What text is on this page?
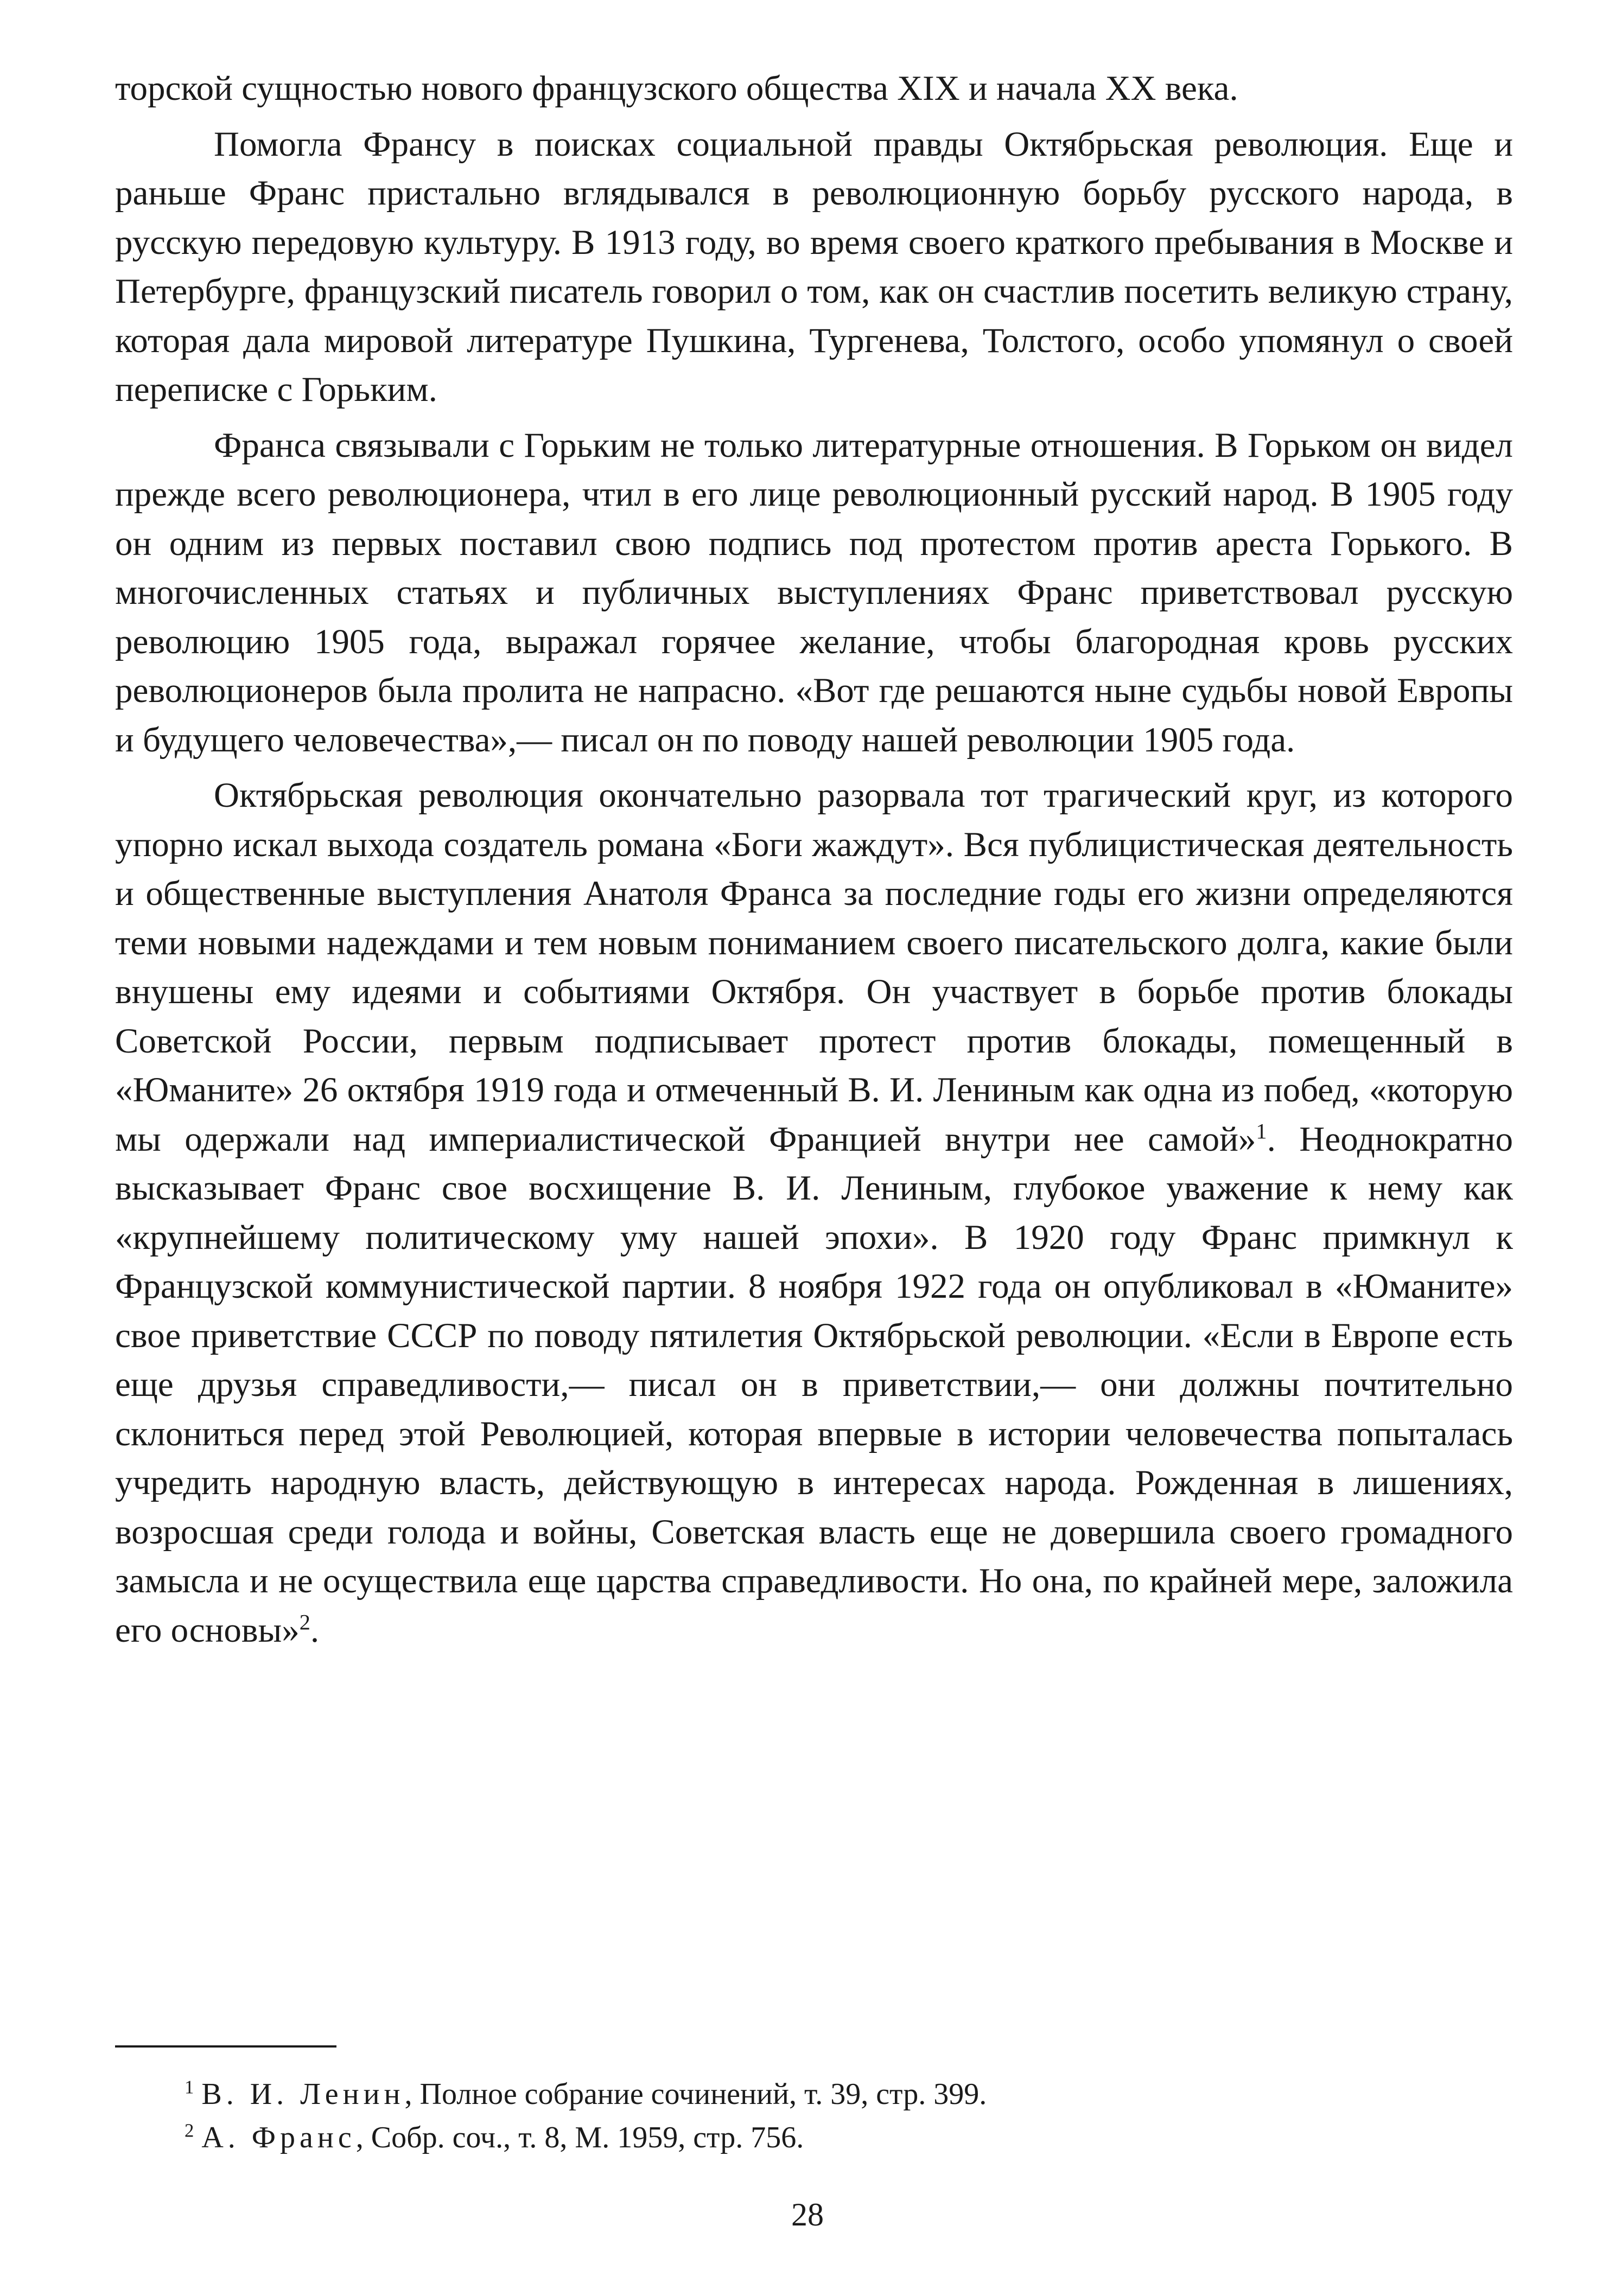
торской сущностью нового французского общества XIX и начала XX века.

Помогла Франсу в поисках социальной правды Октябрьская революция. Еще и раньше Франс пристально вглядывался в революционную борьбу русского народа, в русскую передовую культуру. В 1913 году, во время своего краткого пребывания в Москве и Петербурге, французский писатель говорил о том, как он счастлив посетить великую страну, которая дала мировой литературе Пушкина, Тургенева, Толстого, особо упомянул о своей переписке с Горьким.

Франса связывали с Горьким не только литературные отношения. В Горьком он видел прежде всего революционера, чтил в его лице революционный русский народ. В 1905 году он одним из первых поставил свою подпись под протестом против ареста Горького. В многочисленных статьях и публичных выступлениях Франс приветствовал русскую революцию 1905 года, выражал горячее желание, чтобы благородная кровь русских революционеров была пролита не напрасно. «Вот где решаются ныне судьбы новой Европы и будущего человечества»,— писал он по поводу нашей революции 1905 года.

Октябрьская революция окончательно разорвала тот трагический круг, из которого упорно искал выхода создатель романа «Боги жаждут». Вся публицистическая деятельность и общественные выступления Анатоля Франса за последние годы его жизни определяются теми новыми надеждами и тем новым пониманием своего писательского долга, какие были внушены ему идеями и событиями Октября. Он участвует в борьбе против блокады Советской России, первым подписывает протест против блокады, помещенный в «Юманите» 26 октября 1919 года и отмеченный В. И. Лениным как одна из побед, «которую мы одержали над империалистической Францией внутри нее самой»$^1$. Неоднократно высказывает Франс свое восхищение В. И. Лениным, глубокое уважение к нему как «крупнейшему политическому уму нашей эпохи». В 1920 году Франс примкнул к Французской коммунистической партии. 8 ноября 1922 года он опубликовал в «Юманите» свое приветствие СССР по поводу пятилетия Октябрьской революции. «Если в Европе есть еще друзья справедливости,— писал он в приветствии,— они должны почтительно склониться перед этой Революцией, которая впервые в истории человечества попыталась учредить народную власть, действующую в интересах народа. Рожденная в лишениях, возросшая среди голода и войны, Советская власть еще не довершила своего громадного замысла и не осуществила еще царства справедливости. Но она, по крайней мере, заложила его основы»$^2$.

$^1$ В. И. Ленин, Полное собрание сочинений, т. 39, стр. 399.

$^2$ А. Франс, Собр. соч., т. 8, М. 1959, стр. 756.

28
